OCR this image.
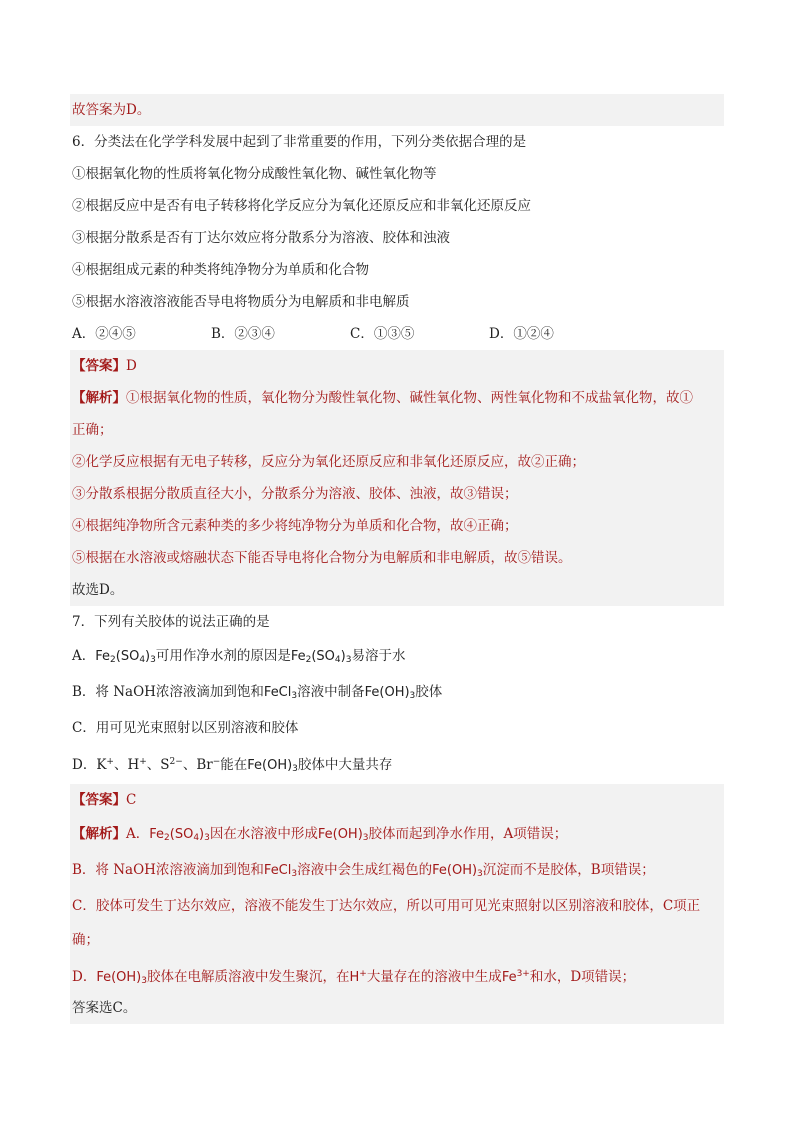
故答案为D。
6．分类法在化学学科发展中起到了非常重要的作用，下列分类依据合理的是
①根据氧化物的性质将氧化物分成酸性氧化物、碱性氧化物等
②根据反应中是否有电子转移将化学反应分为氧化还原反应和非氧化还原反应
③根据分散系是否有丁达尔效应将分散系分为溶液、胶体和浊液
④根据组成元素的种类将纯净物分为单质和化合物
⑤根据水溶液溶液能否导电将物质分为电解质和非电解质
A．②④⑤	B．②③④	C．①③⑤	D．①②④
【答案】D
【解析】①根据氧化物的性质，氧化物分为酸性氧化物、碱性氧化物、两性氧化物和不成盐氧化物，故①
正确；
②化学反应根据有无电子转移，反应分为氧化还原反应和非氧化还原反应，故②正确；
③分散系根据分散质直径大小，分散系分为溶液、胶体、浊液，故③错误；
④根据纯净物所含元素种类的多少将纯净物分为单质和化合物，故④正确；
⑤根据在水溶液或熔融状态下能否导电将化合物分为电解质和非电解质，故⑤错误。
故选D。
7．下列有关胶体的说法正确的是
A．$Fe_2(SO_4)_3$可用作净水剂的原因是$Fe_2(SO_4)_3$易溶于水
B．将 NaOH浓溶液滴加到饱和FeCl$_3$溶液中制备$Fe(OH)_3$胶体
C．用可见光束照射以区别溶液和胶体
D．K+、H+、$S^{2-}$、Br−能在$Fe(OH)_3$胶体中大量共存
【答案】C
【解析】A．$Fe_2(SO_4)_3$因在水溶液中形成$Fe(OH)_3$胶体而起到净水作用，A项错误；
B．将 NaOH浓溶液滴加到饱和FeCl$_3$溶液中会生成红褐色的$Fe(OH)_3$沉淀而不是胶体，B项错误；
C．胶体可发生丁达尔效应，溶液不能发生丁达尔效应，所以可用可见光束照射以区别溶液和胶体，C项正
确；
D．$Fe(OH)_3$胶体在电解质溶液中发生聚沉，在H+大量存在的溶液中生成$Fe^{3+}$和水，D项错误；
答案选C。
